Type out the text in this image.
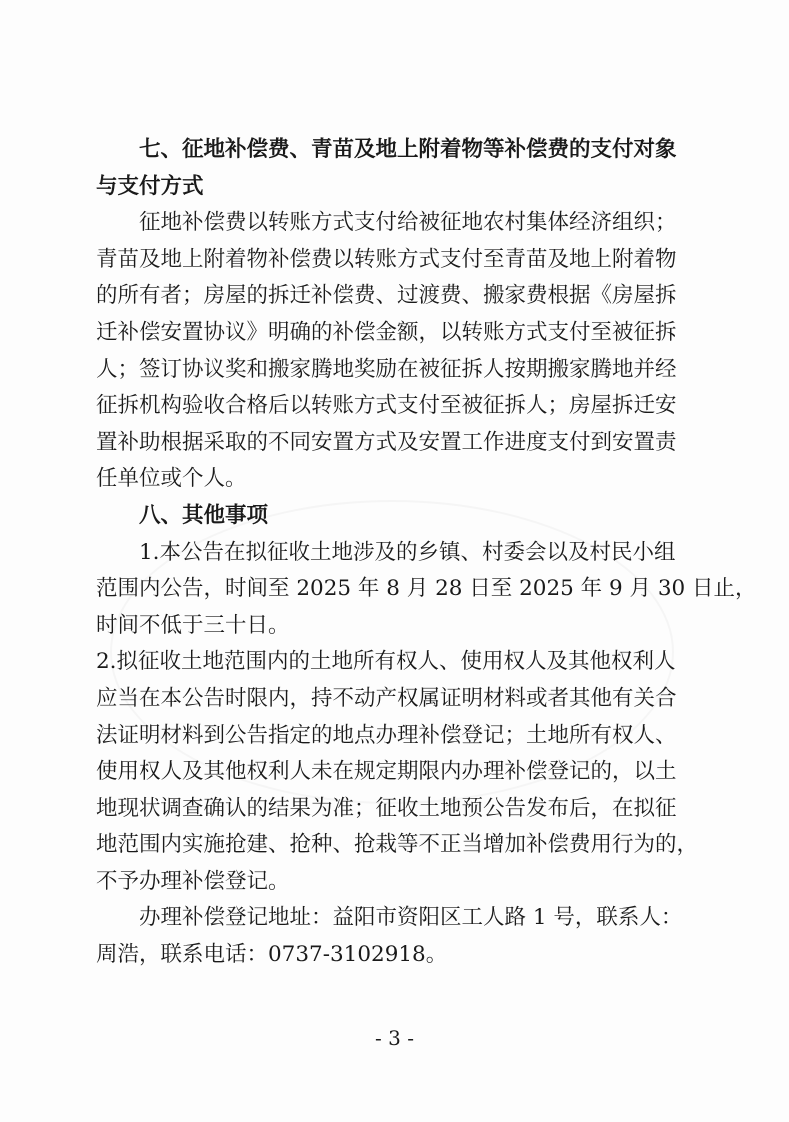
七、征地补偿费、青苗及地上附着物等补偿费的支付对象
与支付方式
征地补偿费以转账方式支付给被征地农村集体经济组织；
青苗及地上附着物补偿费以转账方式支付至青苗及地上附着物
的所有者；房屋的拆迁补偿费、过渡费、搬家费根据《房屋拆
迁补偿安置协议》明确的补偿金额，以转账方式支付至被征拆
人；签订协议奖和搬家腾地奖励在被征拆人按期搬家腾地并经
征拆机构验收合格后以转账方式支付至被征拆人；房屋拆迁安
置补助根据采取的不同安置方式及安置工作进度支付到安置责
任单位或个人。
八、其他事项
1.本公告在拟征收土地涉及的乡镇、村委会以及村民小组
范围内公告，时间至 2025 年 8 月 28 日至 2025 年 9 月 30 日止，
时间不低于三十日。
2.拟征收土地范围内的土地所有权人、使用权人及其他权利人
应当在本公告时限内，持不动产权属证明材料或者其他有关合
法证明材料到公告指定的地点办理补偿登记；土地所有权人、
使用权人及其他权利人未在规定期限内办理补偿登记的，以土
地现状调查确认的结果为准；征收土地预公告发布后，在拟征
地范围内实施抢建、抢种、抢栽等不正当增加补偿费用行为的，
不予办理补偿登记。
办理补偿登记地址：益阳市资阳区工人路 1 号，联系人：
周浩，联系电话：0737-3102918。
- 3 -
